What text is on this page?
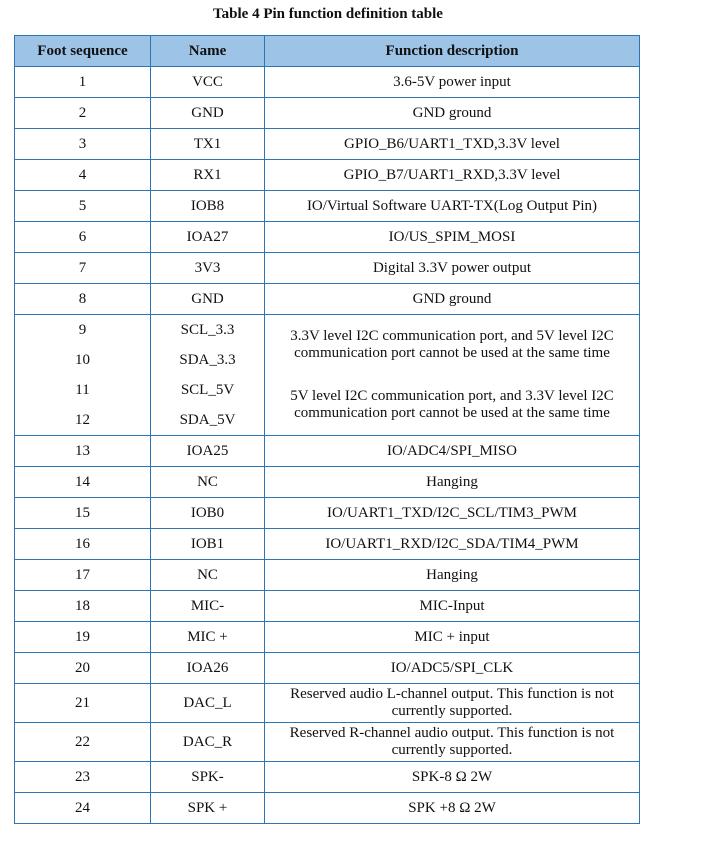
Table 4 Pin function definition table
Foot sequence	Name	Function description
1	VCC	3.6-5V power input
2	GND	GND ground
3	TX1	GPIO_B6/UART1_TXD,3.3V level
4	RX1	GPIO_B7/UART1_RXD,3.3V level
5	IOB8	IO/Virtual Software UART-TX(Log Output Pin)
6	IOA27	IO/US_SPIM_MOSI
7	3V3	Digital 3.3V power output
8	GND	GND ground
9	SCL_3.3	3.3V level I2C communication port, and 5V level I2C communication port cannot be used at the same time
10	SDA_3.3	
11	SCL_5V	5V level I2C communication port, and 3.3V level I2C communication port cannot be used at the same time
12	SDA_5V	
13	IOA25	IO/ADC4/SPI_MISO
14	NC	Hanging
15	IOB0	IO/UART1_TXD/I2C_SCL/TIM3_PWM
16	IOB1	IO/UART1_RXD/I2C_SDA/TIM4_PWM
17	NC	Hanging
18	MIC-	MIC-Input
19	MIC +	MIC + input
20	IOA26	IO/ADC5/SPI_CLK
21	DAC_L	Reserved audio L-channel output. This function is not currently supported.
22	DAC_R	Reserved R-channel audio output. This function is not currently supported.
23	SPK-	SPK-8 Ω 2W
24	SPK +	SPK +8 Ω 2W
